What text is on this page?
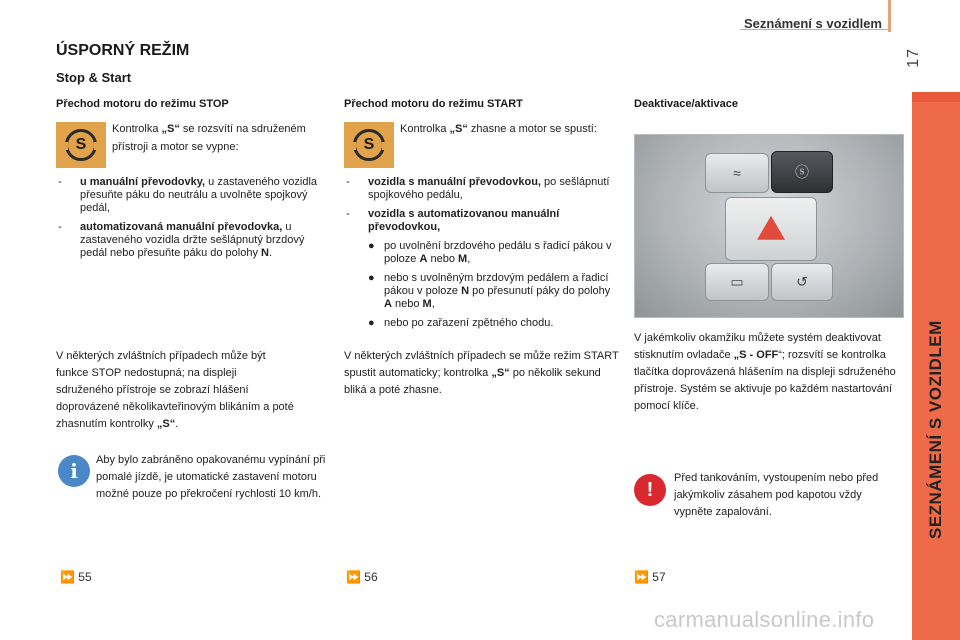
Seznámení s vozidlem
17
SEZNÁMENÍ S VOZIDLEM
ÚSPORNÝ REŽIM
Stop & Start
Přechod motoru do režimu STOP
S
Kontrolka „S“ se rozsvítí na sdruženém přístroji a motor se vypne:
- u manuální převodovky, u zastaveného vozidla přesuňte páku do neutrálu a uvolněte spojkový pedál,
- automatizovaná manuální převodovka, u zastaveného vozidla držte sešlápnutý brzdový pedál nebo přesuňte páku do polohy N.
V některých zvláštních případech může být funkce STOP nedostupná; na displeji sdruženého přístroje se zobrazí hlášení doprovázené několikavteřinovým blikáním a poté zhasnutím kontrolky „S“.
i	Aby bylo zabráněno opakovanému vypínání při pomalé jízdě, je utomatické zastavení motoru možné pouze po překročení rychlosti 10 km/h.
⏩ 55
Přechod motoru do režimu START
S
Kontrolka „S“ zhasne a motor se spustí:
- vozidla s manuální převodovkou, po sešlápnutí spojkového pedálu,
- vozidla s automatizovanou manuální převodovkou,
● po uvolnění brzdového pedálu s řadicí pákou v poloze A nebo M,
● nebo s uvolněným brzdovým pedálem a řadicí pákou v poloze N po přesunutí páky do polohy A nebo M,
● nebo po zařazení zpětného chodu.
V některých zvláštních případech se může režim START spustit automaticky; kontrolka „S“ po několik sekund bliká a poté zhasne.
⏩ 56
Deaktivace/aktivace
≈	ⓢ
▭	↺
V jakémkoliv okamžiku můžete systém deaktivovat stisknutím ovladače „S - OFF“; rozsvítí se kontrolka tlačítka doprovázená hlášením na displeji sdruženého přístroje. Systém se aktivuje po každém nastartování pomocí klíče.
!
Před tankováním, vystoupením nebo před jakýmkoliv zásahem pod kapotou vždy vypněte zapalování.
⏩ 57
carmanualsonline.info
